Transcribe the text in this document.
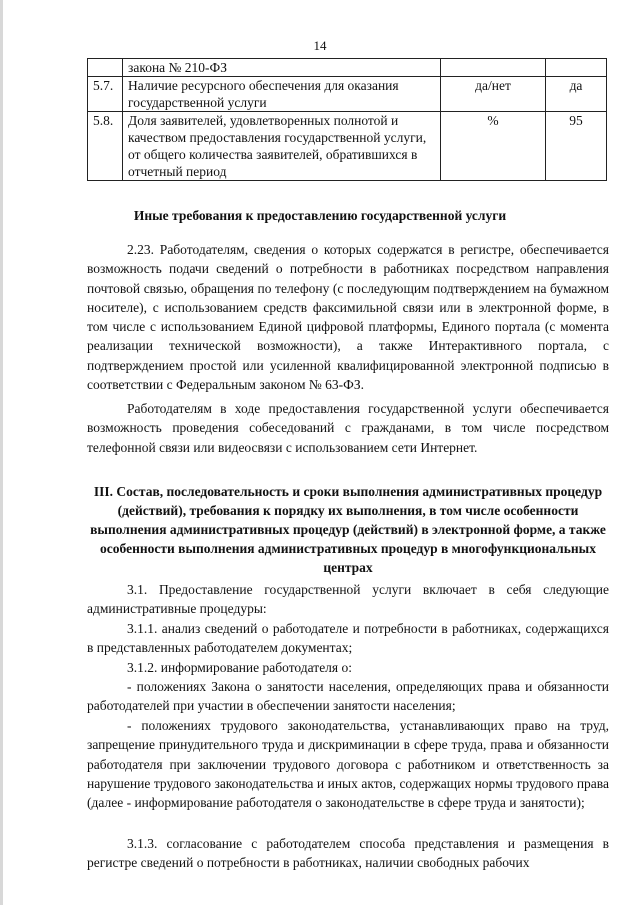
14
	закона № 210-ФЗ		
5.7.	Наличие ресурсного обеспечения для оказания государственной услуги	да/нет	да
5.8.	Доля заявителей, удовлетворенных полнотой и качеством предоставления государственной услуги, от общего количества заявителей, обратившихся в отчетный период	%	95
Иные требования к предоставлению государственной услуги
2.23. Работодателям, сведения о которых содержатся в регистре, обеспечивается возможность подачи сведений о потребности в работниках посредством направления почтовой связью, обращения по телефону (с последующим подтверждением на бумажном носителе), с использованием средств факсимильной связи или в электронной форме, в том числе с использованием Единой цифровой платформы, Единого портала (с момента реализации технической возможности), а также Интерактивного портала, с подтверждением простой или усиленной квалифицированной электронной подписью в соответствии с Федеральным законом № 63-ФЗ.
Работодателям в ходе предоставления государственной услуги обеспечивается возможность проведения собеседований с гражданами, в том числе посредством телефонной связи или видеосвязи с использованием сети Интернет.
III. Состав, последовательность и сроки выполнения административных процедур (действий), требования к порядку их выполнения, в том числе особенности выполнения административных процедур (действий) в электронной форме, а также особенности выполнения административных процедур в многофункциональных центрах
3.1. Предоставление государственной услуги включает в себя следующие административные процедуры:
3.1.1. анализ сведений о работодателе и потребности в работниках, содержащихся в представленных работодателем документах;
3.1.2. информирование работодателя о:
- положениях Закона о занятости населения, определяющих права и обязанности работодателей при участии в обеспечении занятости населения;
- положениях трудового законодательства, устанавливающих право на труд, запрещение принудительного труда и дискриминации в сфере труда, права и обязанности работодателя при заключении трудового договора с работником и ответственность за нарушение трудового законодательства и иных актов, содержащих нормы трудового права (далее - информирование работодателя о законодательстве в сфере труда и занятости);
3.1.3. согласование с работодателем способа представления и размещения в регистре сведений о потребности в работниках, наличии свободных рабочих
